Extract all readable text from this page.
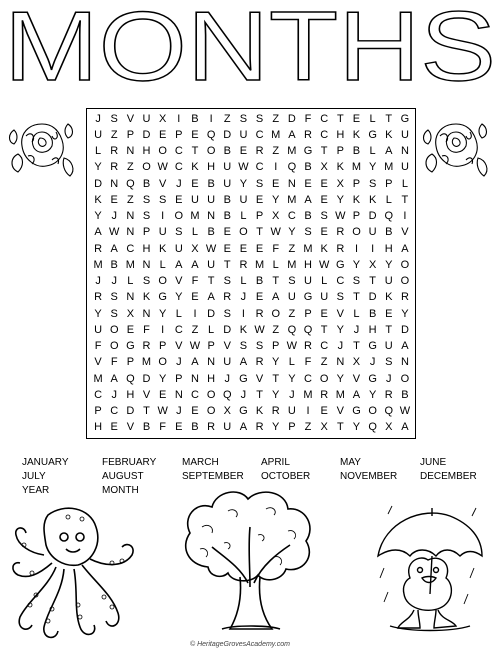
MONTHS
J S V U X I B I	Z S S Z D F C T E L T G
U Z P D E P E Q D U C M A R C H K G K U
L R N H O C T O B E R Z M G T P B L A N
Y R Z O W C K H U W C I Q B X K M Y M U
D N Q B V J E B U Y S E N E E X P S P L
K E Z S S E U U B U E Y M A E Y K K L T
Y J N S I O M N B L P X C B S W P D Q I
A W N P U S L B E O T W Y S E R O U B V
R A C H K U X W E E E F Z M K R I	I H A
M B M N L A A U T R M L M H W G Y X Y O
J J L S O V F T S L B T S U L C S T U O
R S N K G Y E A R J E A U G U S T D K R
Y S X N Y L	I D S I R O Z P E V L B E Y
U O E F	I C Z L D K W Z Q Q T Y J H T D
F O G R P V W P V S S P W R C J T G U A
V F P M O J A N U A R Y L F Z N X J S N
M A Q D Y P N H J G V T Y C O Y V G J O
C J H V E N C O Q J T Y J M R M A Y R B
P C D T W J E O X G K R U I E V G O Q W
H E V B F E B R U A R Y P Z X T Y Q X A
JANUARY
JULY
YEAR
FEBRUARY
AUGUST
MONTH
MARCH
SEPTEMBER
APRIL
OCTOBER
MAY
NOVEMBER
JUNE
DECEMBER
© HeritageGrovesAcademy.com
